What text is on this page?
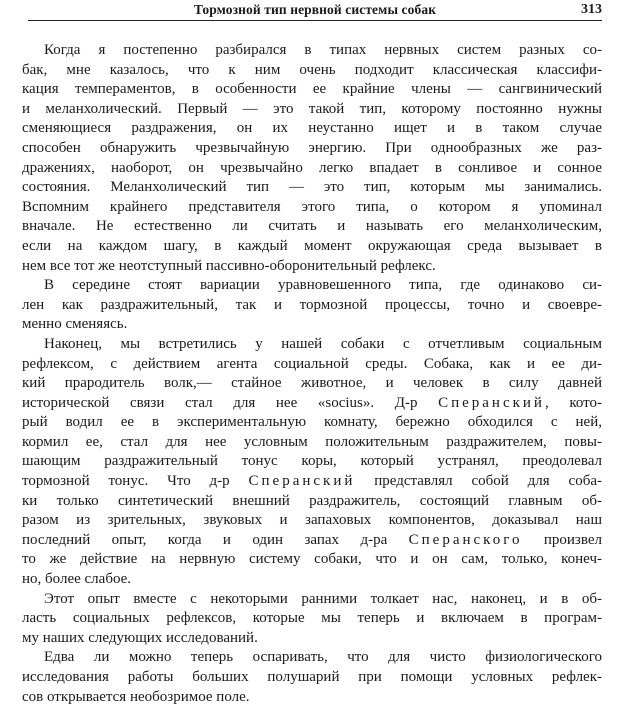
Тормозной тип нервной системы собак	313
Когда я постепенно разбирался в типах нервных систем разных со-
бак, мне казалось, что к ним очень подходит классическая классифи-
кация темпераментов, в особенности ее крайние члены — сангвинический
и меланхолический. Первый — это такой тип, которому постоянно нужны
сменяющиеся раздражения, он их неустанно ищет и в таком случае
способен обнаружить чрезвычайную энергию. При однообразных же раз-
дражениях, наоборот, он чрезвычайно легко впадает в сонливое и сонное
состояния. Меланхолический тип — это тип, которым мы занимались.
Вспомним крайнего представителя этого типа, о котором я упоминал
вначале. Не естественно ли считать и называть его меланхолическим,
если на каждом шагу, в каждый момент окружающая среда вызывает в
нем все тот же неотступный пассивно-оборонительный рефлекс.
В середине стоят вариации уравновешенного типа, где одинаково си-
лен как раздражительный, так и тормозной процессы, точно и своевре-
менно сменяясь.
Наконец, мы встретились у нашей собаки с отчетливым социальным
рефлексом, с действием агента социальной среды. Собака, как и ее ди-
кий прародитель волк,— стайное животное, и человек в силу давней
исторической связи стал для нее «socius». Д-р Сперанский, кото-
рый водил ее в экспериментальную комнату, бережно обходился с ней,
кормил ее, стал для нее условным положительным раздражителем, повы-
шающим раздражительный тонус коры, который устранял, преодолевал
тормозной тонус. Что д-р Сперанский представлял собой для соба-
ки только синтетический внешний раздражитель, состоящий главным об-
разом из зрительных, звуковых и запаховых компонентов, доказывал наш
последний опыт, когда и один запах д-ра Сперанского произвел
то же действие на нервную систему собаки, что и он сам, только, конеч-
но, более слабое.
Этот опыт вместе с некоторыми ранними толкает нас, наконец, и в об-
ласть социальных рефлексов, которые мы теперь и включаем в програм-
му наших следующих исследований.
Едва ли можно теперь оспаривать, что для чисто физиологического
исследования работы больших полушарий при помощи условных рефлек-
сов открывается необозримое поле.
